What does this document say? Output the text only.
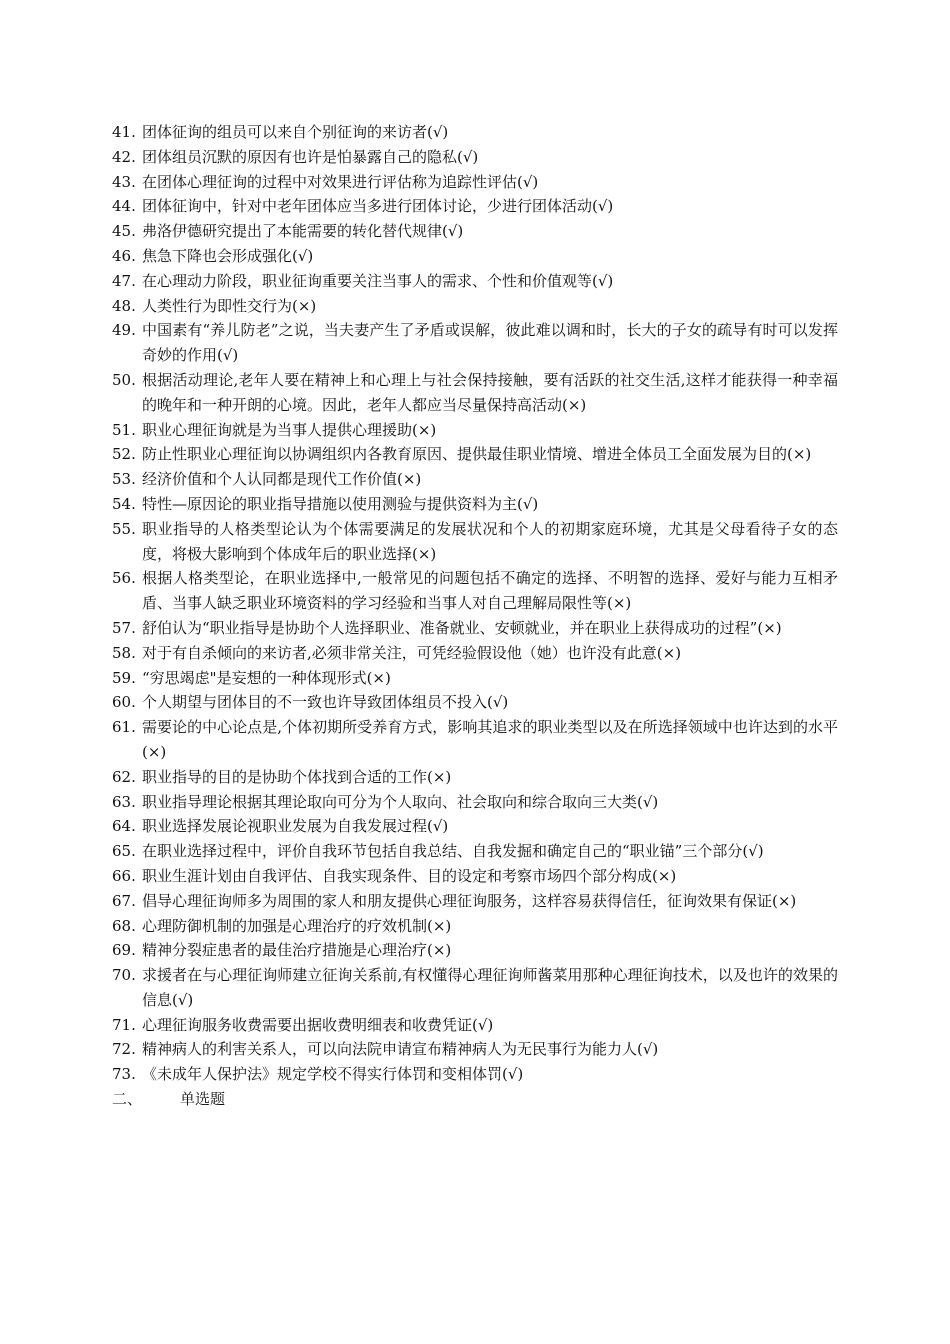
41. 团体征询的组员可以来自个别征询的来访者(√)
42. 团体组员沉默的原因有也许是怕暴露自己的隐私(√)
43. 在团体心理征询的过程中对效果进行评估称为追踪性评估(√)
44. 团体征询中，针对中老年团体应当多进行团体讨论，少进行团体活动(√)
45. 弗洛伊德研究提出了本能需要的转化替代规律(√)
46. 焦急下降也会形成强化(√)
47. 在心理动力阶段，职业征询重要关注当事人的需求、个性和价值观等(√)
48. 人类性行为即性交行为(×)
49. 中国素有“养儿防老”之说，当夫妻产生了矛盾或误解，彼此难以调和时，长大的子女的疏导有时可以发挥奇妙的作用(√)
50. 根据活动理论,老年人要在精神上和心理上与社会保持接触，要有活跃的社交生活,这样才能获得一种幸福的晚年和一种开朗的心境。因此，老年人都应当尽量保持高活动(×)
51. 职业心理征询就是为当事人提供心理援助(×)
52. 防止性职业心理征询以协调组织内各教育原因、提供最佳职业情境、增进全体员工全面发展为目的(×)
53. 经济价值和个人认同都是现代工作价值(×)
54. 特性—原因论的职业指导措施以使用测验与提供资料为主(√)
55. 职业指导的人格类型论认为个体需要满足的发展状况和个人的初期家庭环境，尤其是父母看待子女的态度，将极大影响到个体成年后的职业选择(×)
56. 根据人格类型论，在职业选择中,一般常见的问题包括不确定的选择、不明智的选择、爱好与能力互相矛盾、当事人缺乏职业环境资料的学习经验和当事人对自己理解局限性等(×)
57. 舒伯认为“职业指导是协助个人选择职业、准备就业、安顿就业，并在职业上获得成功的过程”(×)
58. 对于有自杀倾向的来访者,必须非常关注，可凭经验假设他（她）也许没有此意(×)
59. “穷思竭虑"是妄想的一种体现形式(×)
60. 个人期望与团体目的不一致也许导致团体组员不投入(√)
61. 需要论的中心论点是,个体初期所受养育方式，影响其追求的职业类型以及在所选择领域中也许达到的水平(×)
62. 职业指导的目的是协助个体找到合适的工作(×)
63. 职业指导理论根据其理论取向可分为个人取向、社会取向和综合取向三大类(√)
64. 职业选择发展论视职业发展为自我发展过程(√)
65. 在职业选择过程中，评价自我环节包括自我总结、自我发掘和确定自己的“职业锚”三个部分(√)
66. 职业生涯计划由自我评估、自我实现条件、目的设定和考察市场四个部分构成(×)
67. 倡导心理征询师多为周围的家人和朋友提供心理征询服务，这样容易获得信任，征询效果有保证(×)
68. 心理防御机制的加强是心理治疗的疗效机制(×)
69. 精神分裂症患者的最佳治疗措施是心理治疗(×)
70. 求援者在与心理征询师建立征询关系前,有权懂得心理征询师酱菜用那种心理征询技术，以及也许的效果的信息(√)
71. 心理征询服务收费需要出据收费明细表和收费凭证(√)
72. 精神病人的利害关系人，可以向法院申请宣布精神病人为无民事行为能力人(√)
73. 《未成年人保护法》规定学校不得实行体罚和变相体罚(√)
二、	单选题
